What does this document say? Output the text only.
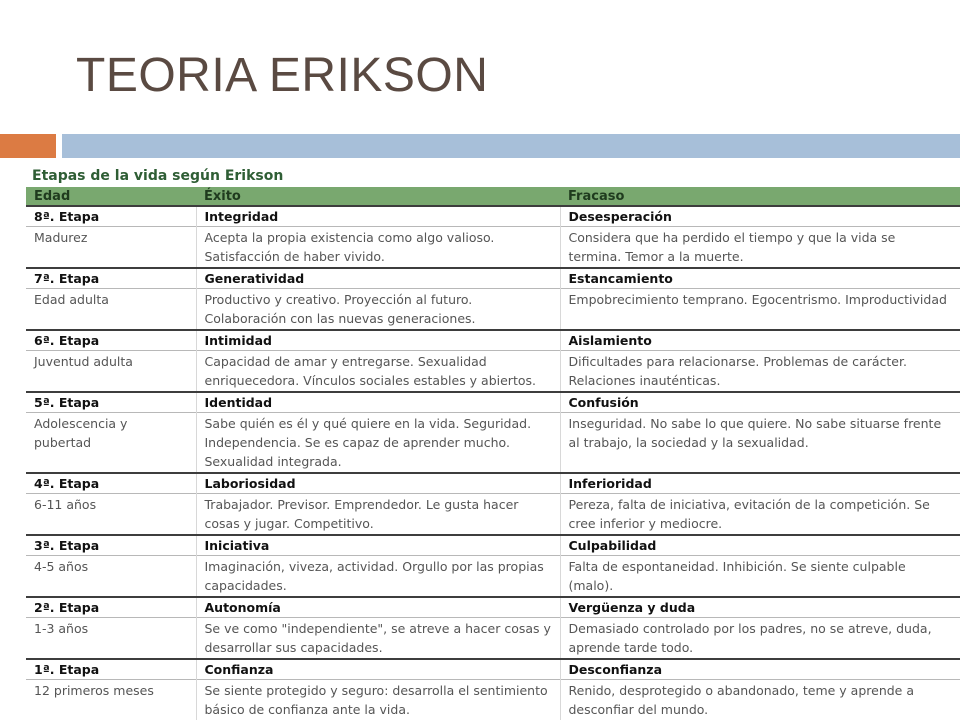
TEORIA ERIKSON
Etapas de la vida según Erikson
Edad	Éxito	Fracaso
8ª. Etapa	Integridad	Desesperación
Madurez	Acepta la propia existencia como algo valioso. Satisfacción de haber vivido.	Considera que ha perdido el tiempo y que la vida se termina. Temor a la muerte.
7ª. Etapa	Generatividad	Estancamiento
Edad adulta	Productivo y creativo. Proyección al futuro. Colaboración con las nuevas generaciones.	Empobrecimiento temprano. Egocentrismo. Improductividad
6ª. Etapa	Intimidad	Aislamiento
Juventud adulta	Capacidad de amar y entregarse. Sexualidad enriquecedora. Vínculos sociales estables y abiertos.	Dificultades para relacionarse. Problemas de carácter. Relaciones inauténticas.
5ª. Etapa	Identidad	Confusión
Adolescencia y pubertad	Sabe quién es él y qué quiere en la vida. Seguridad. Independencia. Se es capaz de aprender mucho. Sexualidad integrada.	Inseguridad. No sabe lo que quiere. No sabe situarse frente al trabajo, la sociedad y la sexualidad.
4ª. Etapa	Laboriosidad	Inferioridad
6-11 años	Trabajador. Previsor. Emprendedor. Le gusta hacer cosas y jugar. Competitivo.	Pereza, falta de iniciativa, evitación de la competición. Se cree inferior y mediocre.
3ª. Etapa	Iniciativa	Culpabilidad
4-5 años	Imaginación, viveza, actividad. Orgullo por las propias capacidades.	Falta de espontaneidad. Inhibición. Se siente culpable (malo).
2ª. Etapa	Autonomía	Vergüenza y duda
1-3 años	Se ve como "independiente", se atreve a hacer cosas y desarrollar sus capacidades.	Demasiado controlado por los padres, no se atreve, duda, aprende tarde todo.
1ª. Etapa	Confianza	Desconfianza
12 primeros meses	Se siente protegido y seguro: desarrolla el sentimiento básico de confianza ante la vida.	Renido, desprotegido o abandonado, teme y aprende a desconfiar del mundo.
